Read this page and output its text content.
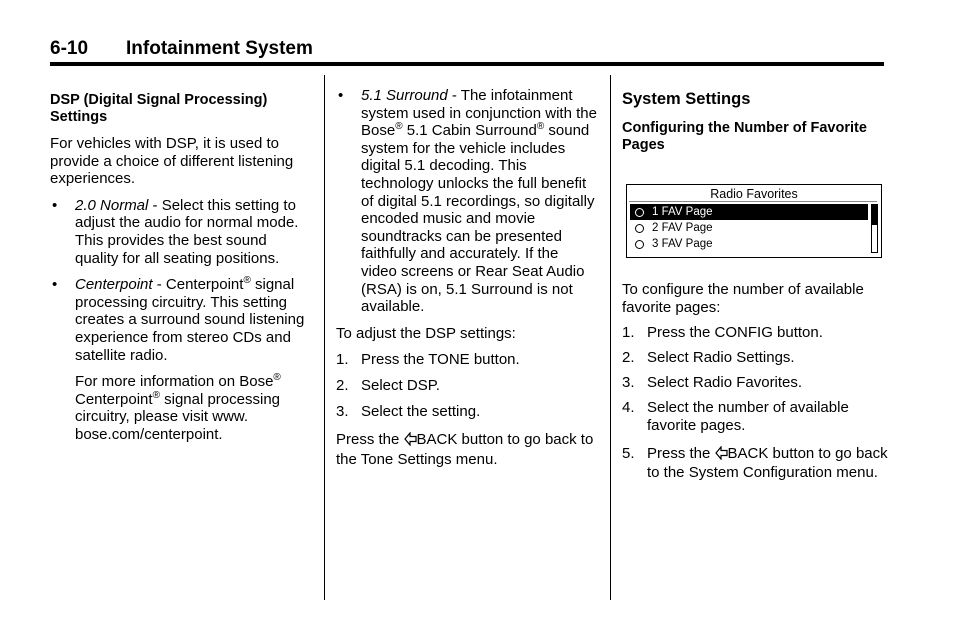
6-10 Infotainment System

DSP (Digital Signal Processing) Settings

For vehicles with DSP, it is used to provide a choice of different listening experiences.

• 2.0 Normal - Select this setting to adjust the audio for normal mode. This provides the best sound quality for all seating positions.
• Centerpoint - Centerpoint® signal processing circuitry. This setting creates a surround sound listening experience from stereo CDs and satellite radio.
For more information on Bose® Centerpoint® signal processing circuitry, please visit www. bose.com/centerpoint.
• 5.1 Surround - The infotainment system used in conjunction with the Bose® 5.1 Cabin Surround® sound system for the vehicle includes digital 5.1 decoding. This technology unlocks the full benefit of digital 5.1 recordings, so digitally encoded music and movie soundtracks can be presented faithfully and accurately. If the video screens or Rear Seat Audio (RSA) is on, 5.1 Surround is not available.

To adjust the DSP settings:

1. Press the TONE button.
2. Select DSP.
3. Select the setting.

Press the BACK button to go back to the Tone Settings menu.

System Settings

Configuring the Number of Favorite Pages

Radio Favorites
1 FAV Page
2 FAV Page
3 FAV Page

To configure the number of available favorite pages:

1. Press the CONFIG button.
2. Select Radio Settings.
3. Select Radio Favorites.
4. Select the number of available favorite pages.
5. Press the BACK button to go back to the System Configuration menu.
